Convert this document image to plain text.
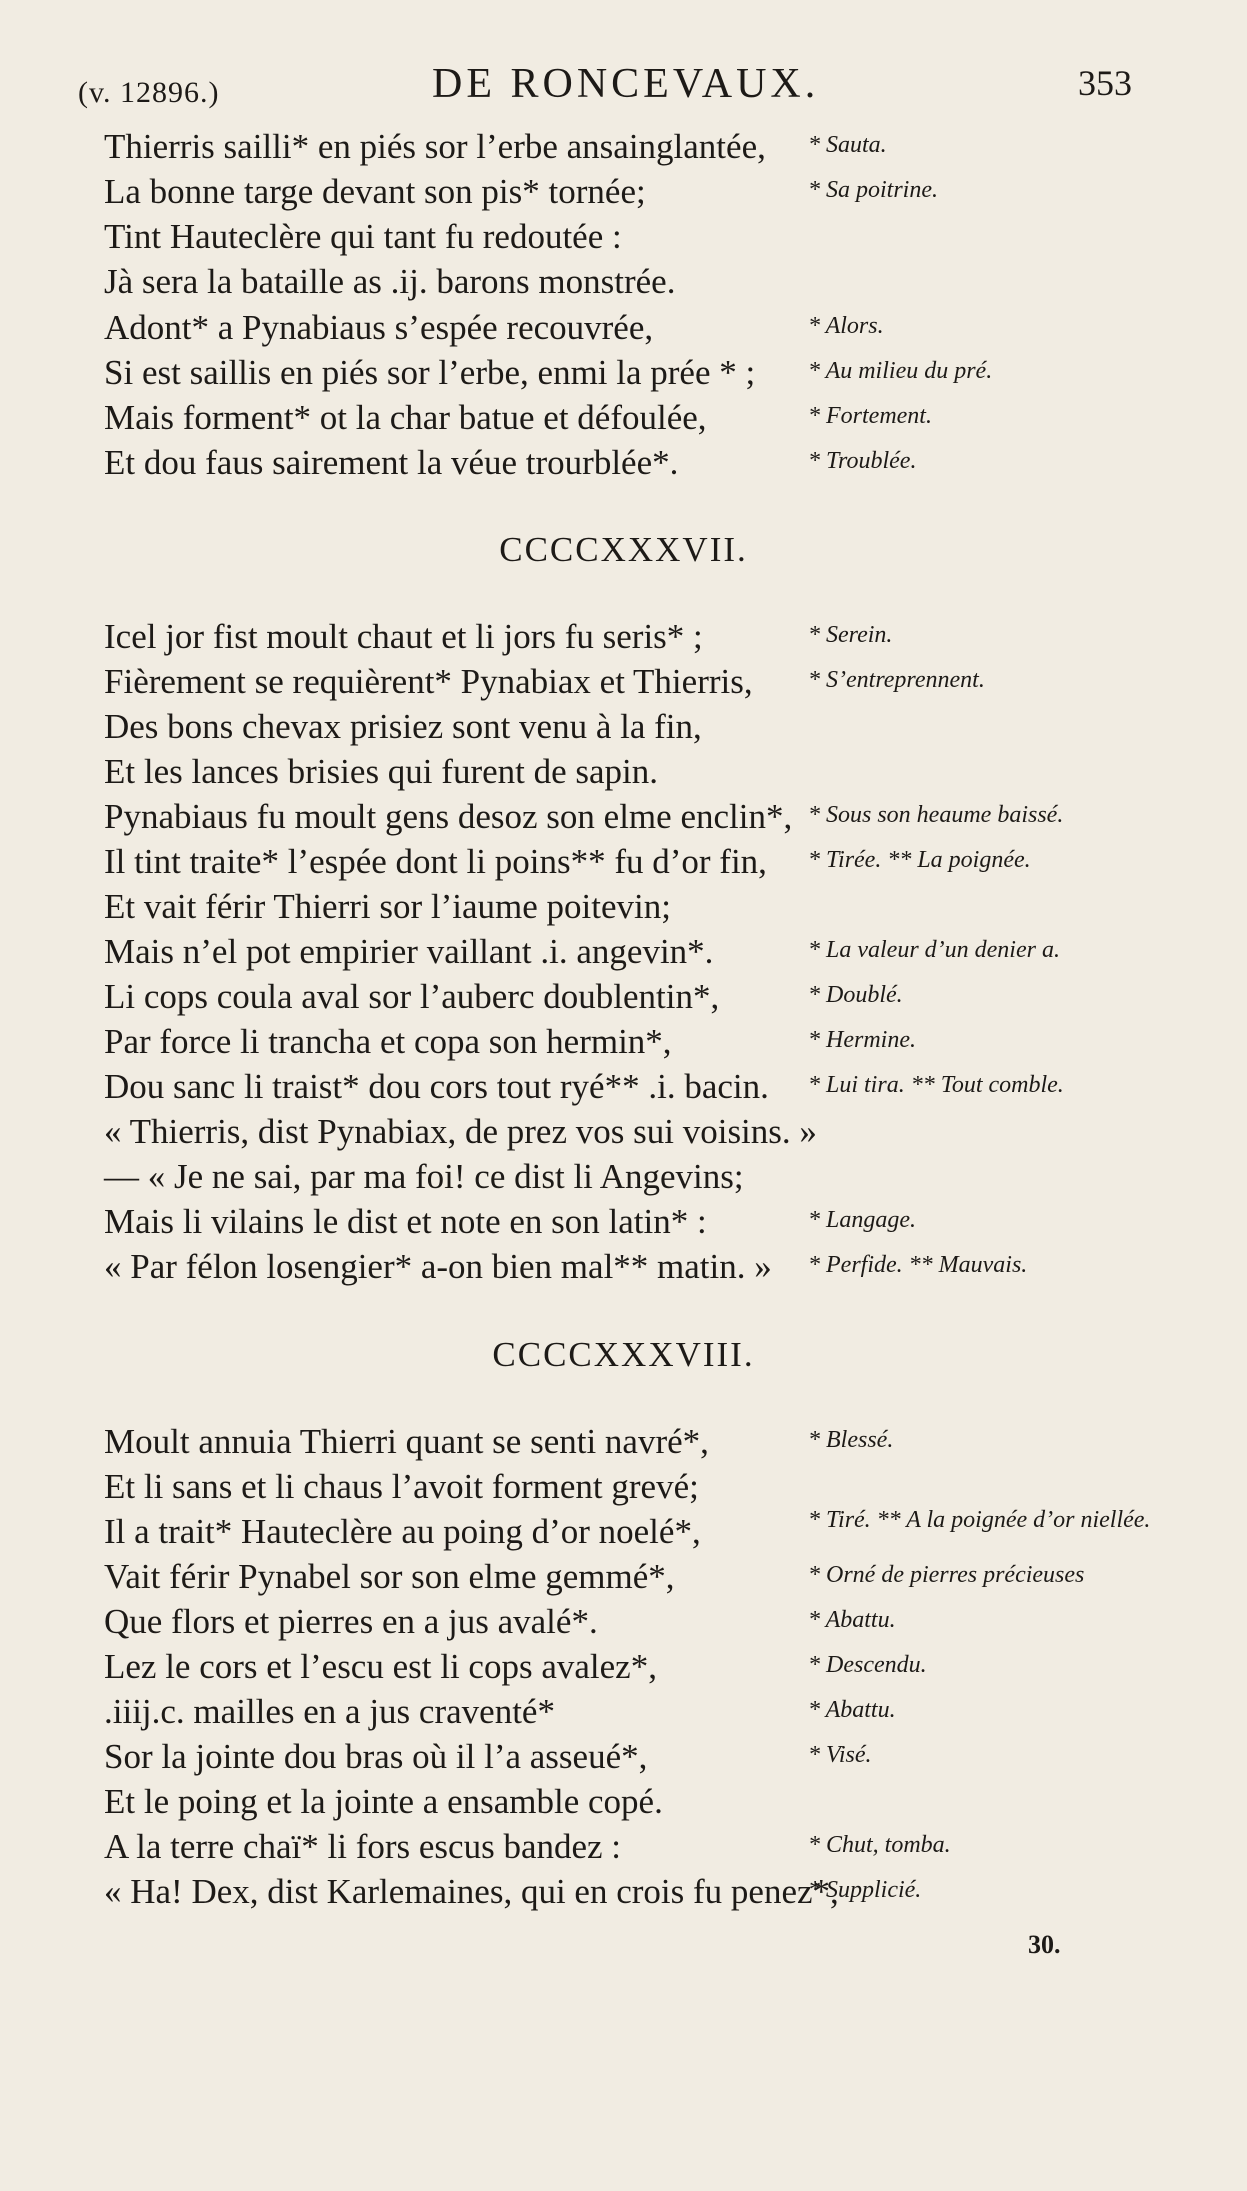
(v. 12896.)	DE RONCEVAUX.	353
Thierris sailli* en piés sor l’erbe ansainglantée, * Sauta.
La bonne targe devant son pis* tornée;	* Sa poitrine.
Tint Hauteclère qui tant fu redoutée :
Jà sera la bataille as .ij. barons monstrée.
Adont* a Pynabiaus s’espée recouvrée,	* Alors.
Si est saillis en piés sor l’erbe, enmi la prée * ; * Au milieu du pré.
Mais forment* ot la char batue et défoulée,	* Fortement.
Et dou faus sairement la véue trourblée*.	* Troublée.
CCCCXXXVII.
Icel jor fist moult chaut et li jors fu seris* ;	* Serein.
Fièrement se requièrent* Pynabiax et Thierris, * S’entreprennent.
Des bons chevax prisiez sont venu à la fin,
Et les lances brisies qui furent de sapin.
Pynabiaus fu moult gens desoz son elme enclin*, * Sous son heaume baissé.
Il tint traite* l’espée dont li poins** fu d’or fin, * Tirée. ** La poignée.
Et vait férir Thierri sor l’iaume poitevin;
Mais n’el pot empirier vaillant .i. angevin*.	* La valeur d’un denier a.
Li cops coula aval sor l’auberc doublentin*,	* Doublé.
Par force li trancha et copa son hermin*,	* Hermine.
Dou sanc li traist* dou cors tout ryé** .i. bacin. * Lui tira. ** Tout comble.
« Thierris, dist Pynabiax, de prez vos sui voisins. »
— « Je ne sai, par ma foi! ce dist li Angevins;
Mais li vilains le dist et note en son latin* :	* Langage.
« Par félon losengier* a-on bien mal** matin. » * Perfide. ** Mauvais.
CCCCXXXVIII.
Moult annuia Thierri quant se senti navré*,	* Blessé.
Et li sans et li chaus l’avoit forment grevé;
Il a trait* Hauteclère au poing d’or noelé*,	* Tiré. ** A la poignée d’or niellée.
Vait férir Pynabel sor son elme gemmé*,	* Orné de pierres précieuses
Que flors et pierres en a jus avalé*.	* Abattu.
Lez le cors et l’escu est li cops avalez*,	* Descendu.
.iiij.c. mailles en a jus craventé*	* Abattu.
Sor la jointe dou bras où il l’a asseué*,	* Visé.
Et le poing et la jointe a ensamble copé.
A la terre chaï* li fors escus bandez :	* Chut, tomba.
« Ha! Dex, dist Karlemaines, qui en crois fu penez*,
* Supplicié.
30.
